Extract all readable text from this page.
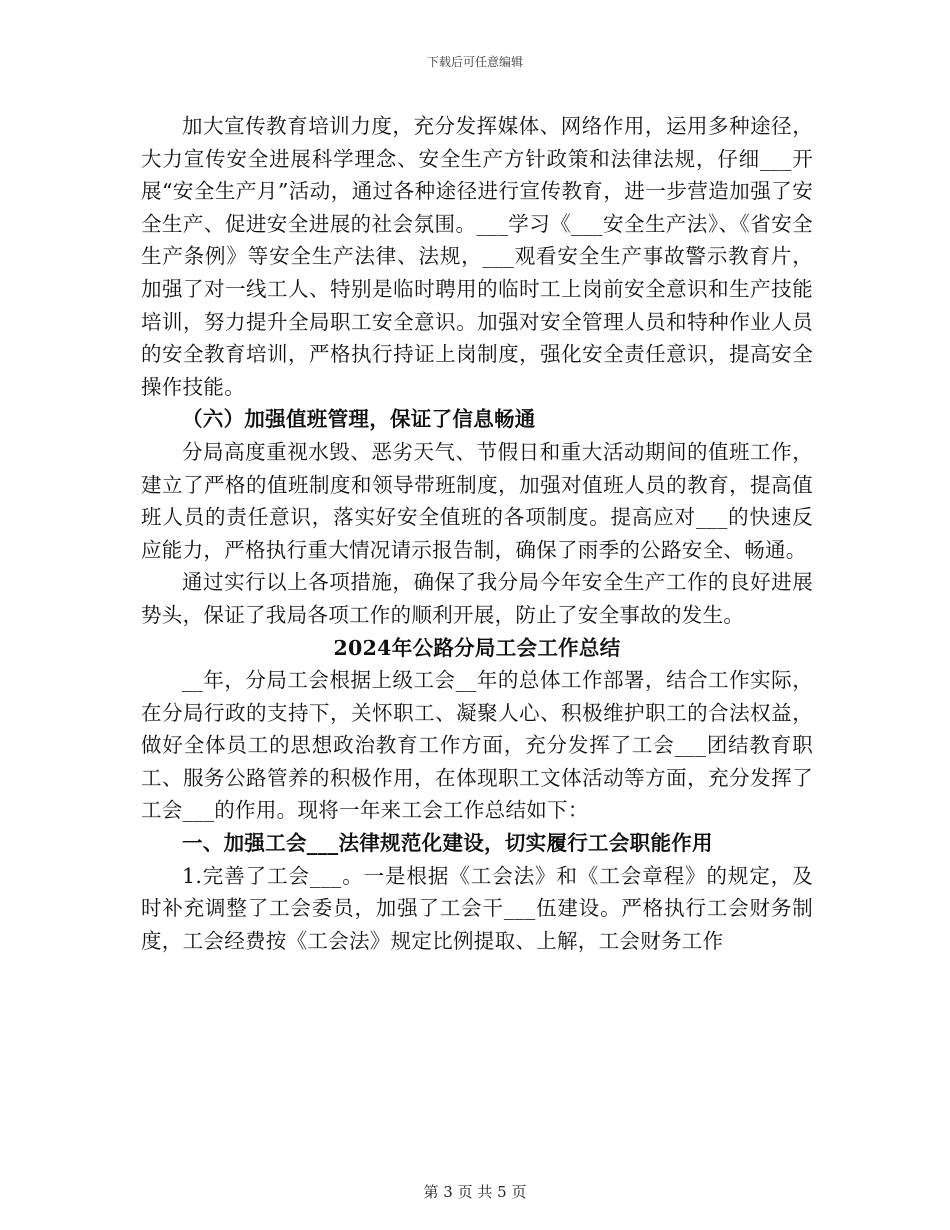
下载后可任意编辑

加大宣传教育培训力度，充分发挥媒体、网络作用，运用多种途径，大力宣传安全进展科学理念、安全生产方针政策和法律法规，仔细___开展“安全生产月”活动，通过各种途径进行宣传教育，进一步营造加强了安全生产、促进安全进展的社会氛围。___学习《___安全生产法》、《省安全生产条例》等安全生产法律、法规，___观看安全生产事故警示教育片，加强了对一线工人、特别是临时聘用的临时工上岗前安全意识和生产技能培训，努力提升全局职工安全意识。加强对安全管理人员和特种作业人员的安全教育培训，严格执行持证上岗制度，强化安全责任意识，提高安全操作技能。

（六）加强值班管理，保证了信息畅通

分局高度重视水毁、恶劣天气、节假日和重大活动期间的值班工作，建立了严格的值班制度和领导带班制度，加强对值班人员的教育，提高值班人员的责任意识，落实好安全值班的各项制度。提高应对___的快速反应能力，严格执行重大情况请示报告制，确保了雨季的公路安全、畅通。

通过实行以上各项措施，确保了我分局今年安全生产工作的良好进展势头，保证了我局各项工作的顺利开展，防止了安全事故的发生。

2024年公路分局工会工作总结

__年，分局工会根据上级工会__年的总体工作部署，结合工作实际，在分局行政的支持下，关怀职工、凝聚人心、积极维护职工的合法权益，做好全体员工的思想政治教育工作方面，充分发挥了工会___团结教育职工、服务公路管养的积极作用，在体现职工文体活动等方面，充分发挥了工会___的作用。现将一年来工会工作总结如下：

一、加强工会___法律规范化建设，切实履行工会职能作用

1.完善了工会___。一是根据《工会法》和《工会章程》的规定，及时补充调整了工会委员，加强了工会干___伍建设。严格执行工会财务制度，工会经费按《工会法》规定比例提取、上解，工会财务工作

第 3 页 共 5 页
